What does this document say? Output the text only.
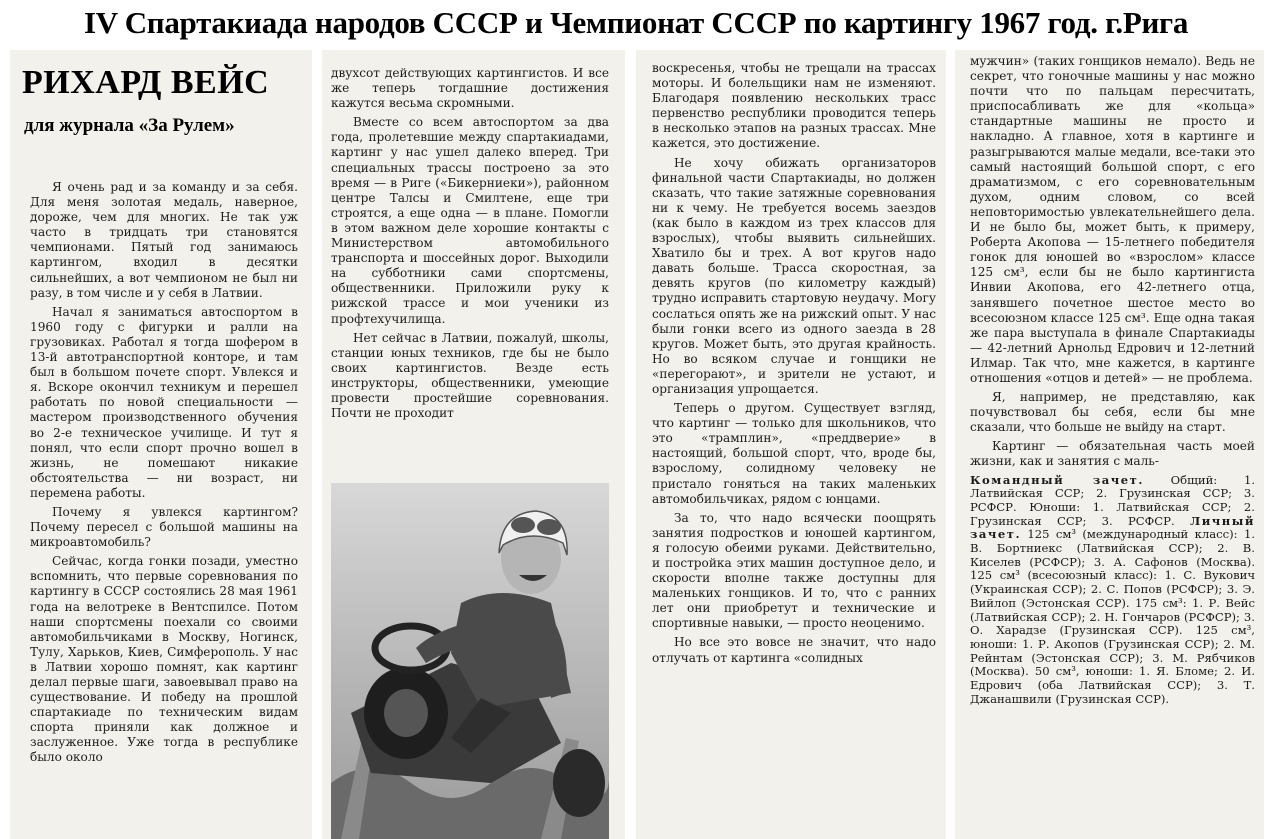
IV Спартакиада народов СССР и Чемпионат СССР по картингу 1967 год. г.Рига
РИХАРД ВЕЙС
для журнала «За Рулем»

Я очень рад и за команду и за себя. Для меня золотая медаль, наверное, дороже, чем для многих. Не так уж часто в тридцать три становятся чемпионами. Пятый год занимаюсь картингом, входил в десятки сильнейших, а вот чемпионом не был ни разу, в том числе и у себя в Латвии.

Начал я заниматься автоспортом в 1960 году с фигурки и ралли на грузовиках. Работал я тогда шофером в 13-й автотранспортной конторе, и там был в большом почете спорт. Увлекся и я. Вскоре окончил техникум и перешел работать по новой специальности — мастером производственного обучения во 2-е техническое училище. И тут я понял, что если спорт прочно вошел в жизнь, не помешают никакие обстоятельства — ни возраст, ни перемена работы.

Почему я увлекся картингом? Почему пересел с большой машины на микроавтомобиль?

Сейчас, когда гонки позади, уместно вспомнить, что первые соревнования по картингу в СССР состоялись 28 мая 1961 года на велотреке в Вентспилсе. Потом наши спортсмены поехали со своими автомобильчиками в Москву, Ногинск, Тулу, Харьков, Киев, Симферополь. У нас в Латвии хорошо помнят, как картинг делал первые шаги, завоевывал право на существование. И победу на прошлой спартакиаде по техническим видам спорта приняли как должное и заслуженное. Уже тогда в республике было около

двухсот действующих картингистов. И все же теперь тогдашние достижения кажутся весьма скромными.

Вместе со всем автоспортом за два года, пролетевшие между спартакиадами, картинг у нас ушел далеко вперед. Три специальных трассы построено за это время — в Риге («Бикерниеки»), районном центре Талсы и Смилтене, еще три строятся, а еще одна — в плане. Помогли в этом важном деле хорошие контакты с Министерством автомобильного транспорта и шоссейных дорог. Выходили на субботники сами спортсмены, общественники. Приложили руку к рижской трассе и мои ученики из профтехучилища.

Нет сейчас в Латвии, пожалуй, школы, станции юных техников, где бы не было своих картингистов. Везде есть инструкторы, общественники, умеющие провести простейшие соревнования. Почти не проходит

воскресенья, чтобы не трещали на трассах моторы. И болельщики нам не изменяют. Благодаря появлению нескольких трасс первенство республики проводится теперь в несколько этапов на разных трассах. Мне кажется, это достижение.

Не хочу обижать организаторов финальной части Спартакиады, но должен сказать, что такие затяжные соревнования ни к чему. Не требуется восемь заездов (как было в каждом из трех классов для взрослых), чтобы выявить сильнейших. Хватило бы и трех. А вот кругов надо давать больше. Трасса скоростная, за девять кругов (по километру каждый) трудно исправить стартовую неудачу. Могу сослаться опять же на рижский опыт. У нас были гонки всего из одного заезда в 28 кругов. Может быть, это другая крайность. Но во всяком случае и гонщики не «перегорают», и зрители не устают, и организация упрощается.

Теперь о другом. Существует взгляд, что картинг — только для школьников, что это «трамплин», «преддверие» в настоящий, большой спорт, что, вроде бы, взрослому, солидному человеку не пристало гоняться на таких маленьких автомобильчиках, рядом с юнцами.

За то, что надо всячески поощрять занятия подростков и юношей картингом, я голосую обеими руками. Действительно, и постройка этих машин доступное дело, и скорости вполне также доступны для маленьких гонщиков. И то, что с ранних лет они приобретут и технические и спортивные навыки, — просто неоценимо.

Но все это вовсе не значит, что надо отлучать от картинга «солидных

мужчин» (таких гонщиков немало). Ведь не секрет, что гоночные машины у нас можно почти что по пальцам пересчитать, приспосабливать же для «кольца» стандартные машины не просто и накладно. А главное, хотя в картинге и разыгрываются малые медали, все-таки это самый настоящий большой спорт, с его драматизмом, с его соревновательным духом, одним словом, со всей неповторимостью увлекательнейшего дела. И не было бы, может быть, к примеру, Роберта Акопова — 15-летнего победителя гонок для юношей во «взрослом» классе 125 см³, если бы не было картингиста Инвии Акопова, его 42-летнего отца, занявшего почетное шестое место во всесоюзном классе 125 см³. Еще одна такая же пара выступала в финале Спартакиады — 42-летний Арнольд Едрович и 12-летний Илмар. Так что, мне кажется, в картинге отношения «отцов и детей» — не проблема.

Я, например, не представляю, как почувствовал бы себя, если бы мне сказали, что больше не выйду на старт.

Картинг — обязательная часть моей жизни, как и занятия с маль-

Командный зачет. Общий: 1. Латвийская ССР; 2. Грузинская ССР; 3. РСФСР. Юноши: 1. Латвийская ССР; 2. Грузинская ССР; 3. РСФСР. Личный зачет. 125 см³ (международный класс): 1. В. Бортниекс (Латвийская ССР); 2. В. Киселев (РСФСР); 3. А. Сафонов (Москва). 125 см³ (всесоюзный класс): 1. С. Вукович (Украинская ССР); 2. С. Попов (РСФСР); 3. Э. Вийлоп (Эстонская ССР). 175 см³: 1. Р. Вейс (Латвийская ССР); 2. Н. Гончаров (РСФСР); 3. О. Харадзе (Грузинская ССР). 125 см³, юноши: 1. Р. Акопов (Грузинская ССР); 2. М. Рейнтам (Эстонская ССР); 3. М. Рябчиков (Москва). 50 см³, юноши: 1. Я. Бломе; 2. И. Едрович (оба Латвийская ССР); 3. Т. Джанашвили (Грузинская ССР).
